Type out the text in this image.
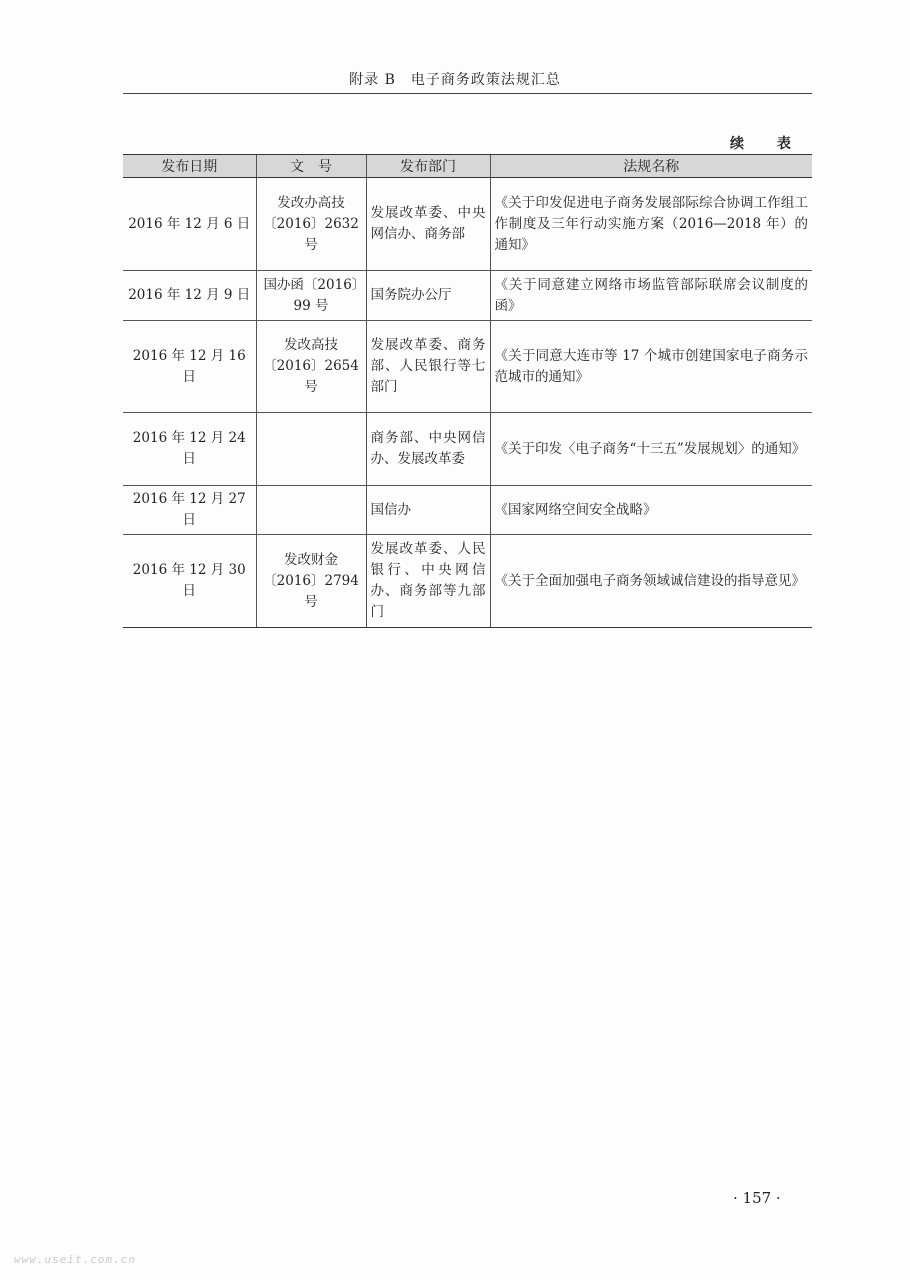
附录 B　电子商务政策法规汇总
续 表
发布日期	文　号	发布部门	法规名称
2016 年 12 月 6 日	发改办高技〔2016〕2632 号	发展改革委、中央网信办、商务部	《关于印发促进电子商务发展部际综合协调工作组工作制度及三年行动实施方案（2016—2018 年）的通知》
2016 年 12 月 9 日	国办函〔2016〕99 号	国务院办公厅	《关于同意建立网络市场监管部际联席会议制度的函》
2016 年 12 月 16 日	发改高技〔2016〕2654 号	发展改革委、商务部、人民银行等七部门	《关于同意大连市等 17 个城市创建国家电子商务示范城市的通知》
2016 年 12 月 24 日		商务部、中央网信办、发展改革委	《关于印发〈电子商务“十三五”发展规划〉的通知》
2016 年 12 月 27 日		国信办	《国家网络空间安全战略》
2016 年 12 月 30 日	发改财金〔2016〕2794 号	发展改革委、人民银行、中央网信办、商务部等九部门	《关于全面加强电子商务领域诚信建设的指导意见》
· 157 ·
www.useit.com.cn
